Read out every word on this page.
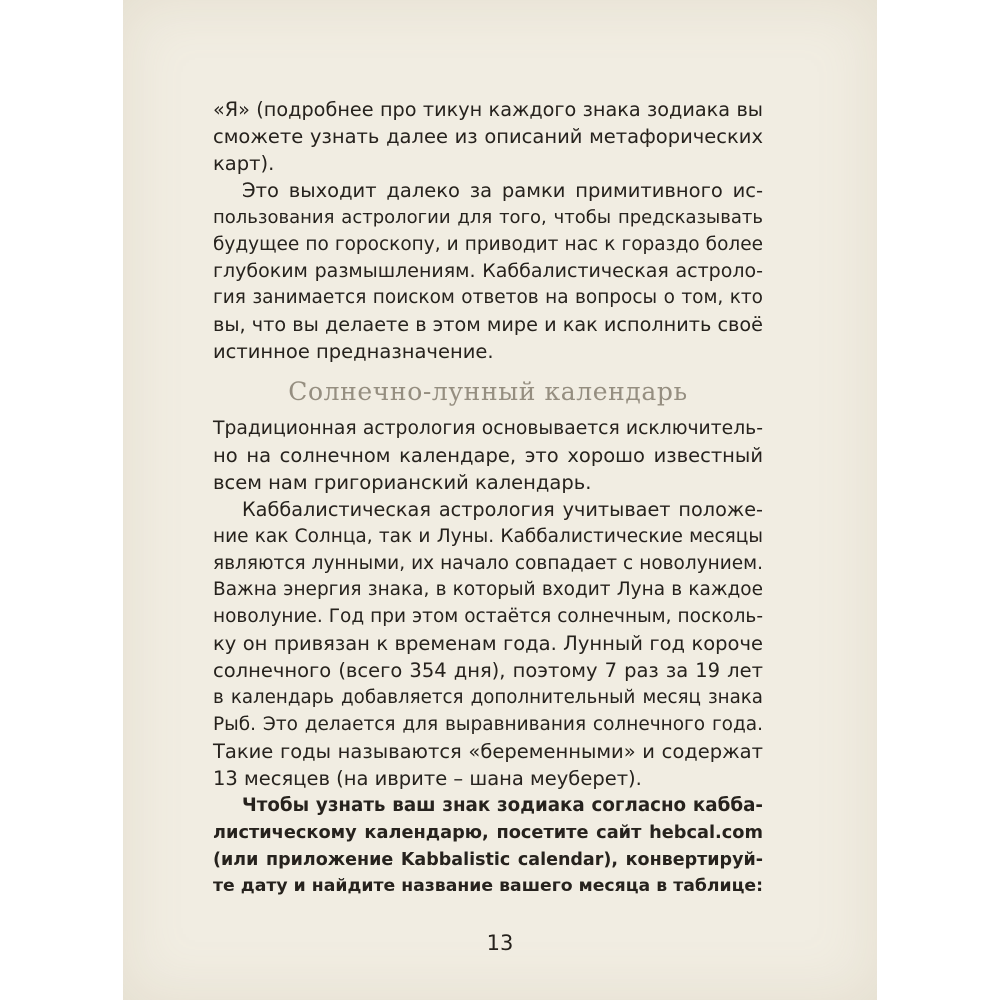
«Я» (подробнее про тикун каждого знака зодиака вы
сможете узнать далее из описаний метафорических
карт).
Это выходит далеко за рамки примитивного ис-
пользования астрологии для того, чтобы предсказывать
будущее по гороскопу, и приводит нас к гораздо более
глубоким размышлениям. Каббалистическая астроло-
гия занимается поиском ответов на вопросы о том, кто
вы, что вы делаете в этом мире и как исполнить своё
истинное предназначение.
Солнечно-лунный календарь
Традиционная астрология основывается исключитель-
но на солнечном календаре, это хорошо известный
всем нам григорианский календарь.
Каббалистическая астрология учитывает положе-
ние как Солнца, так и Луны. Каббалистические месяцы
являются лунными, их начало совпадает с новолунием.
Важна энергия знака, в который входит Луна в каждое
новолуние. Год при этом остаётся солнечным, посколь-
ку он привязан к временам года. Лунный год короче
солнечного (всего 354 дня), поэтому 7 раз за 19 лет
в календарь добавляется дополнительный месяц знака
Рыб. Это делается для выравнивания солнечного года.
Такие годы называются «беременными» и содержат
13 месяцев (на иврите – шана меуберет).
Чтобы узнать ваш знак зодиака согласно кабба-
листическому календарю, посетите сайт hebcal.com
(или приложение Kabbalistic calendar), конвертируй-
те дату и найдите название вашего месяца в таблице:
13
